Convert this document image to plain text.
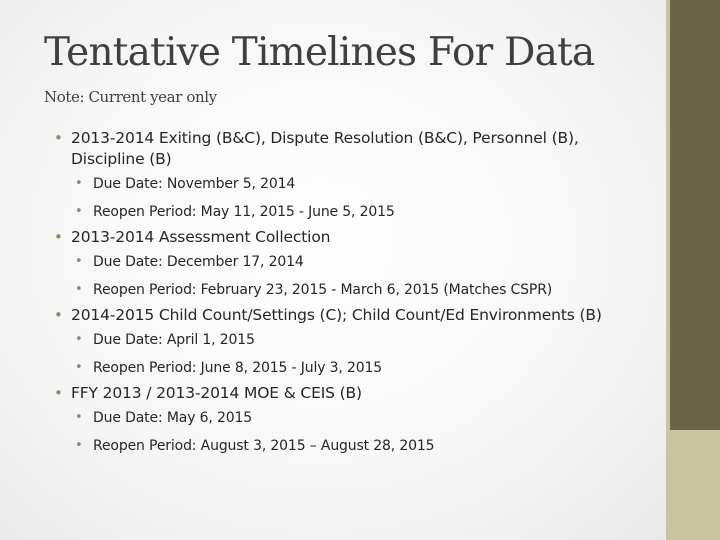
Tentative Timelines For Data

Note: Current year only

• 2013-2014 Exiting (B&C), Dispute Resolution (B&C), Personnel (B), Discipline (B)
• Due Date: November 5, 2014
• Reopen Period: May 11, 2015 - June 5, 2015
• 2013-2014 Assessment Collection
• Due Date: December 17, 2014
• Reopen Period: February 23, 2015 - March 6, 2015 (Matches CSPR)
• 2014-2015 Child Count/Settings (C); Child Count/Ed Environments (B)
• Due Date: April 1, 2015
• Reopen Period: June 8, 2015 - July 3, 2015
• FFY 2013 / 2013-2014 MOE & CEIS (B)
• Due Date: May 6, 2015
• Reopen Period: August 3, 2015 – August 28, 2015
